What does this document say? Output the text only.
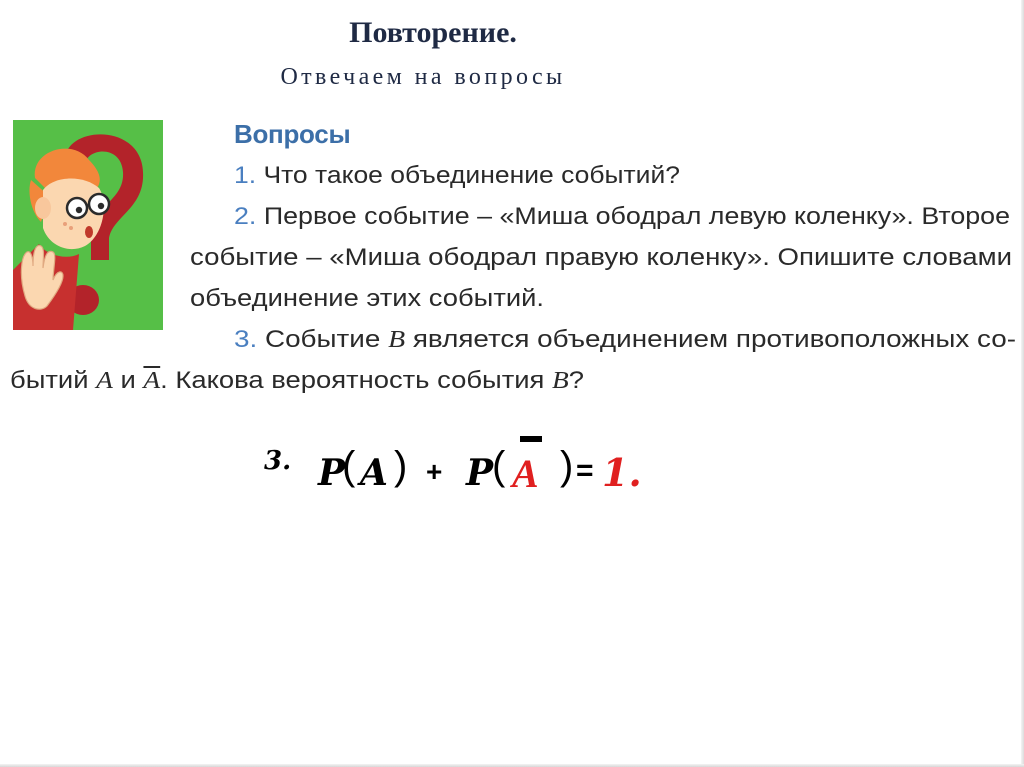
Повторение.
Отвечаем на вопросы
Вопросы
1. Что такое объединение событий?
2. Первое событие – «Миша ободрал левую коленку». Второе
событие – «Миша ободрал правую коленку». Опишите словами
объединение этих событий.
3. Событие B является объединением противоположных со-
бытий A и $\overline{A}$. Какова вероятность события B?
3. P
( A ) + P
( A ) = 1.
